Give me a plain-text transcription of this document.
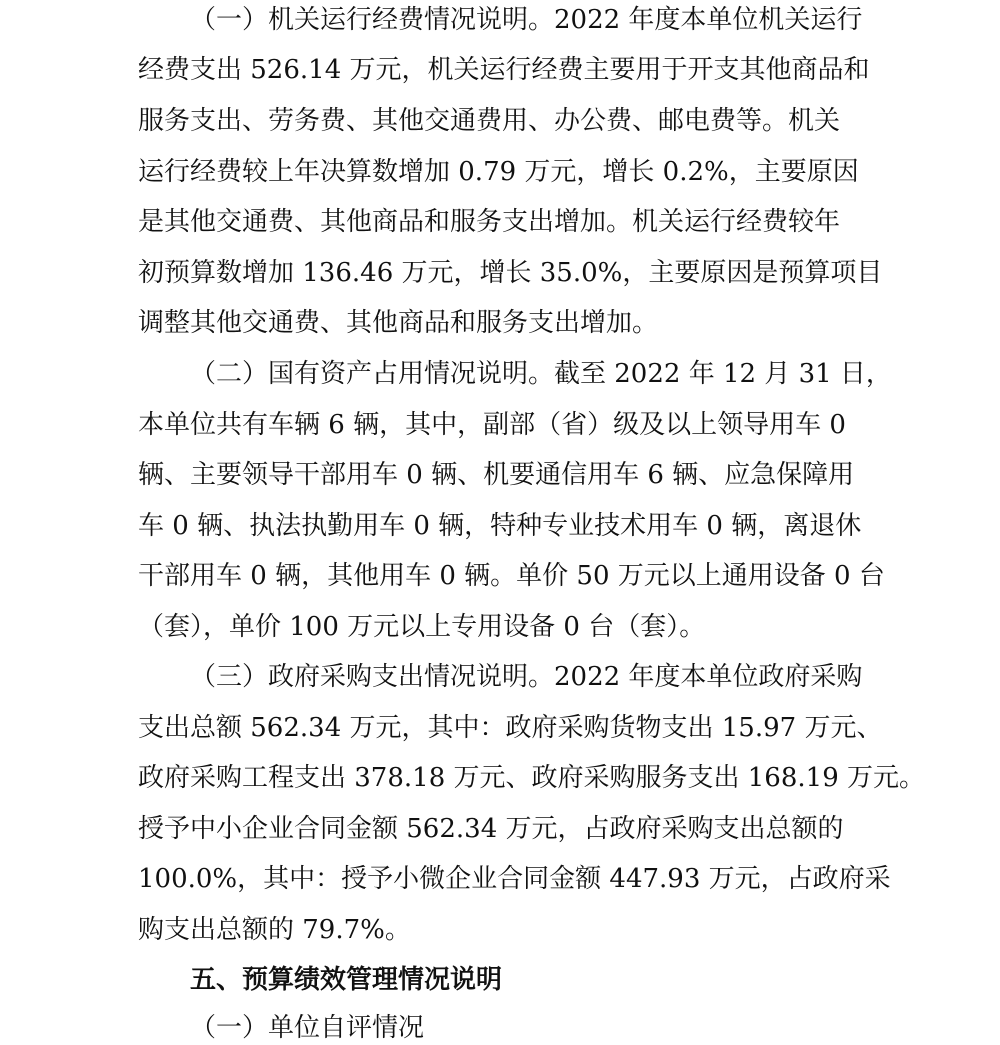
（一）机关运行经费情况说明。2022 年度本单位机关运行
经费支出 526.14 万元，机关运行经费主要用于开支其他商品和
服务支出、劳务费、其他交通费用、办公费、邮电费等。机关
运行经费较上年决算数增加 0.79 万元，增长 0.2%，主要原因
是其他交通费、其他商品和服务支出增加。机关运行经费较年
初预算数增加 136.46 万元，增长 35.0%，主要原因是预算项目
调整其他交通费、其他商品和服务支出增加。
（二）国有资产占用情况说明。截至 2022 年 12 月 31 日，
本单位共有车辆 6 辆，其中，副部（省）级及以上领导用车 0
辆、主要领导干部用车 0 辆、机要通信用车 6 辆、应急保障用
车 0 辆、执法执勤用车 0 辆，特种专业技术用车 0 辆，离退休
干部用车 0 辆，其他用车 0 辆。单价 50 万元以上通用设备 0 台
（套），单价 100 万元以上专用设备 0 台（套）。
（三）政府采购支出情况说明。2022 年度本单位政府采购
支出总额 562.34 万元，其中：政府采购货物支出 15.97 万元、
政府采购工程支出 378.18 万元、政府采购服务支出 168.19 万元。
授予中小企业合同金额 562.34 万元，占政府采购支出总额的
100.0%，其中：授予小微企业合同金额 447.93 万元，占政府采
购支出总额的 79.7%。
五、预算绩效管理情况说明
（一）单位自评情况
